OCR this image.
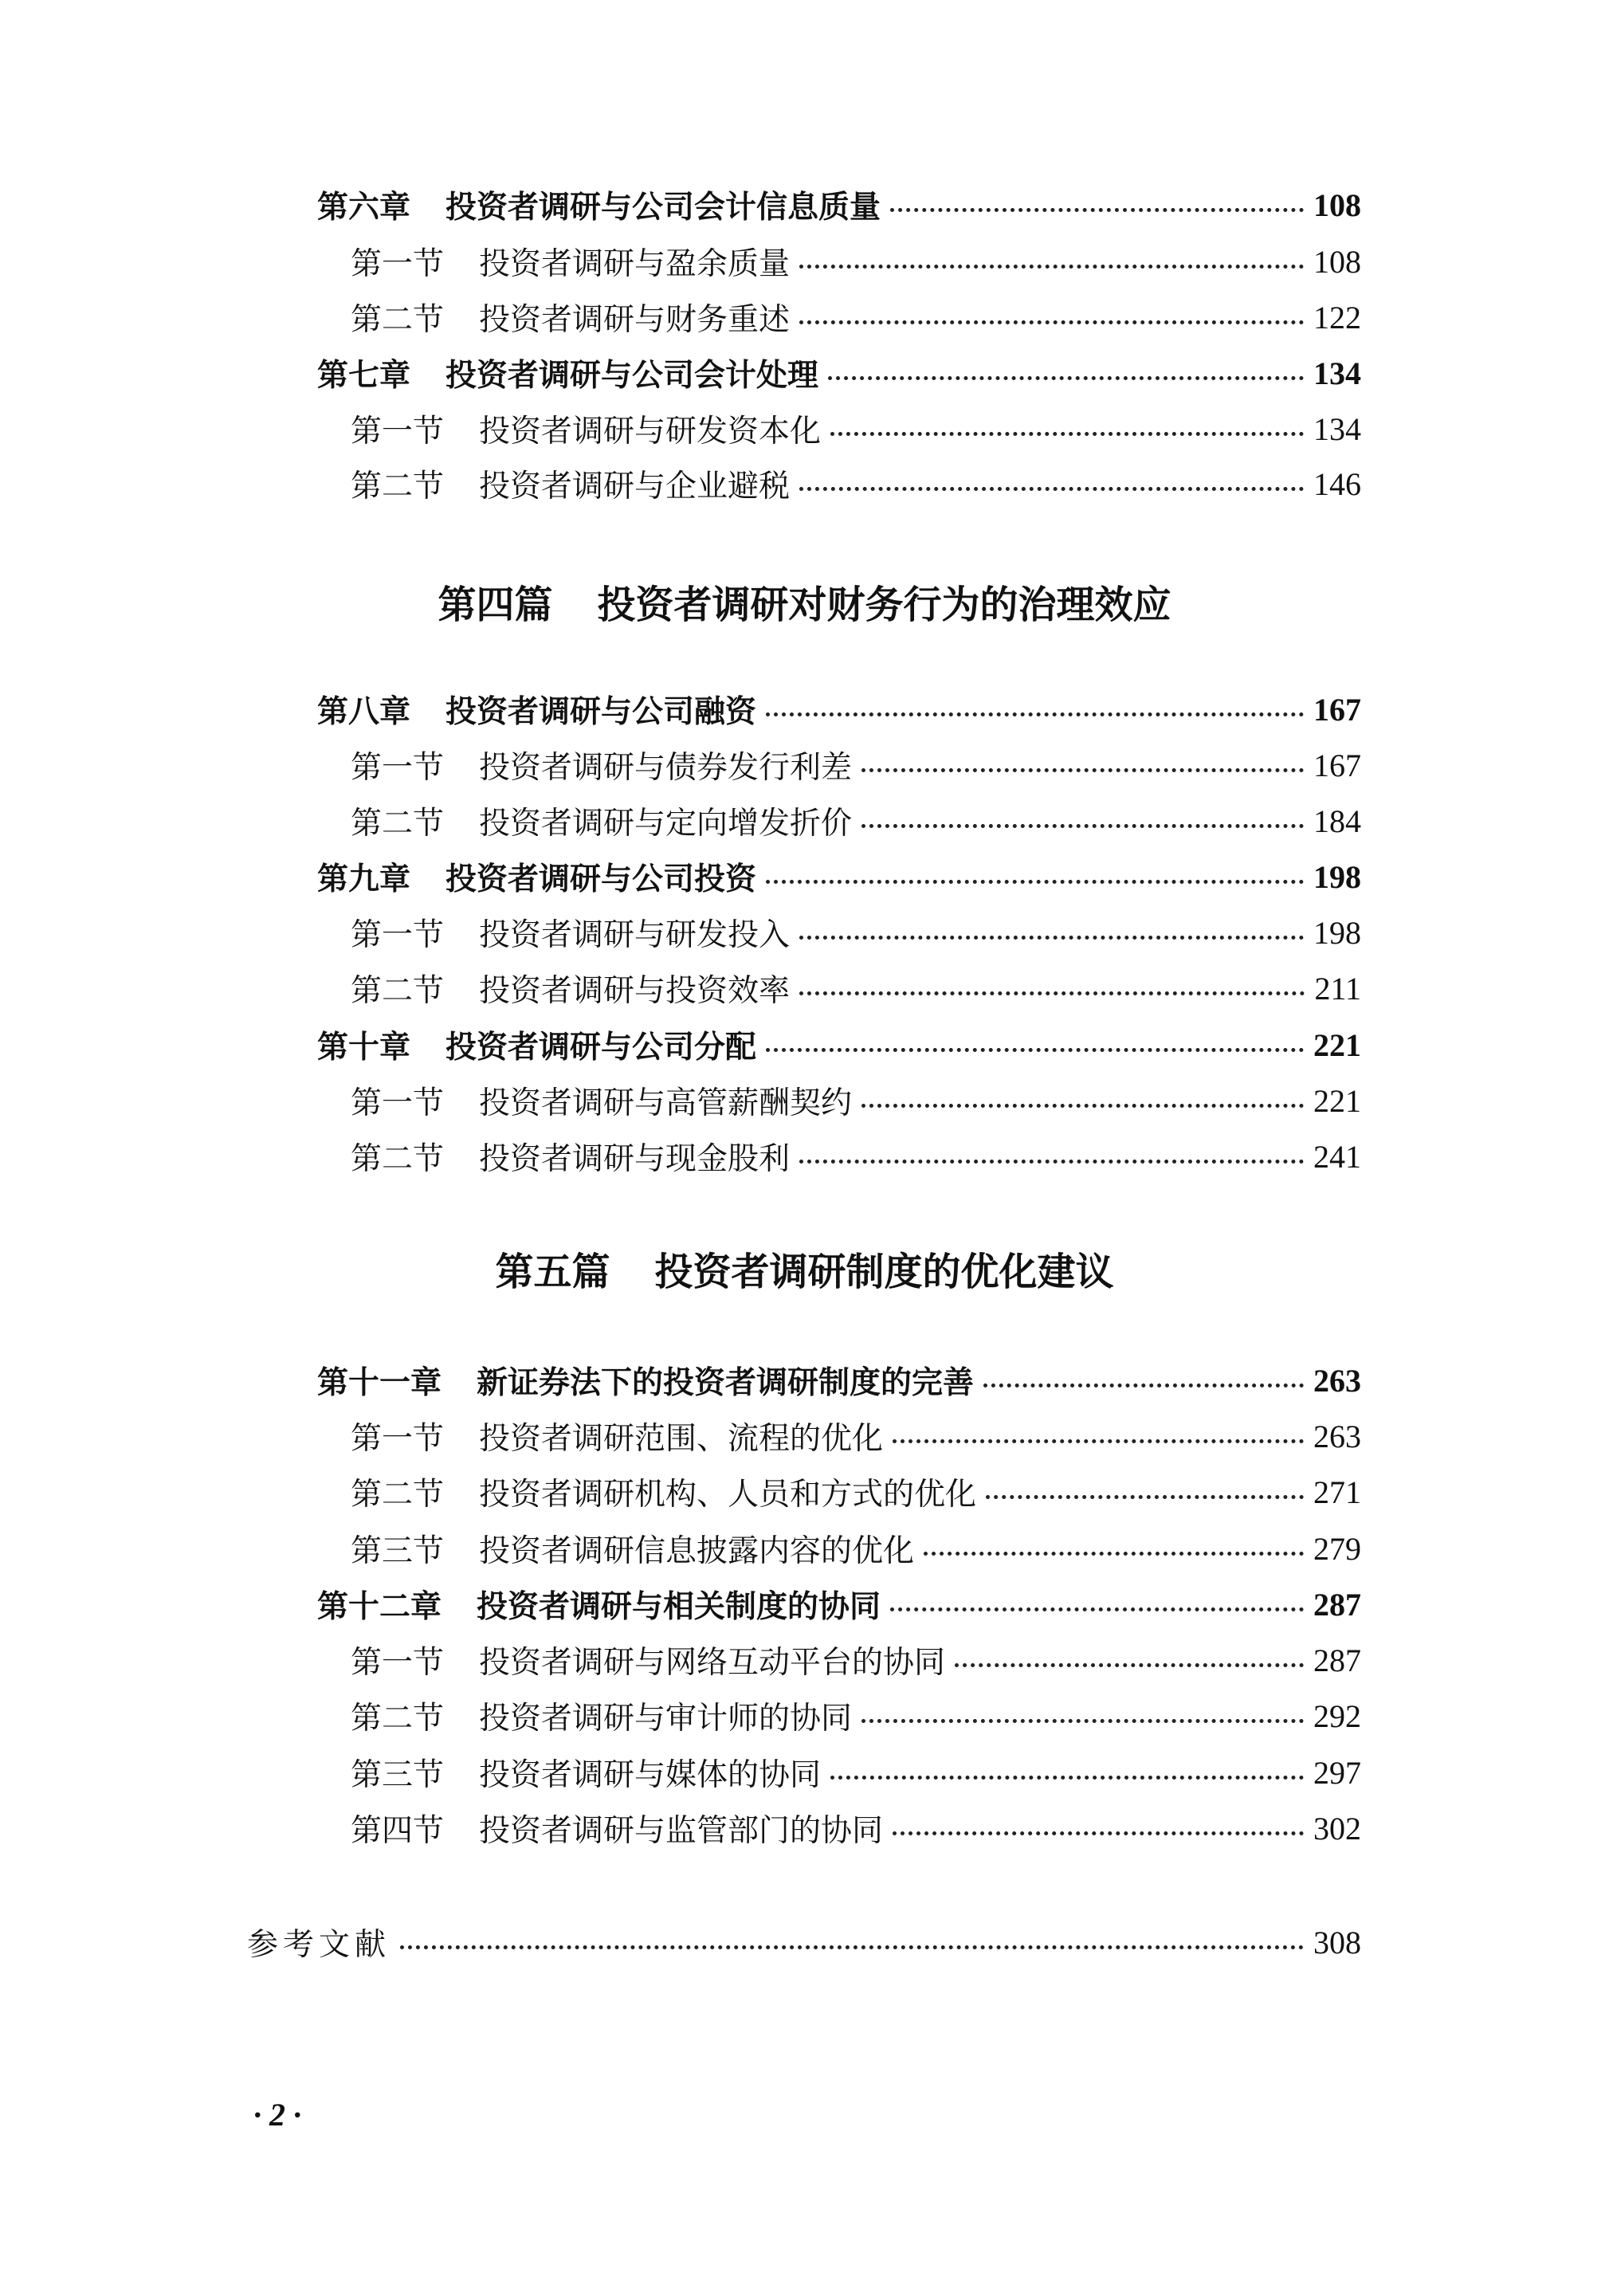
第六章 投资者调研与公司会计信息质量	108
第一节 投资者调研与盈余质量	108
第二节 投资者调研与财务重述	122
第七章 投资者调研与公司会计处理	134
第一节 投资者调研与研发资本化	134
第二节 投资者调研与企业避税	146
第四篇 投资者调研对财务行为的治理效应
第八章 投资者调研与公司融资	167
第一节 投资者调研与债券发行利差	167
第二节 投资者调研与定向增发折价	184
第九章 投资者调研与公司投资	198
第一节 投资者调研与研发投入	198
第二节 投资者调研与投资效率	211
第十章 投资者调研与公司分配	221
第一节 投资者调研与高管薪酬契约	221
第二节 投资者调研与现金股利	241
第五篇 投资者调研制度的优化建议
第十一章 新证券法下的投资者调研制度的完善	263
第一节 投资者调研范围、流程的优化	263
第二节 投资者调研机构、人员和方式的优化	271
第三节 投资者调研信息披露内容的优化	279
第十二章 投资者调研与相关制度的协同	287
第一节 投资者调研与网络互动平台的协同	287
第二节 投资者调研与审计师的协同	292
第三节 投资者调研与媒体的协同	297
第四节 投资者调研与监管部门的协同	302
参考文献	308
· 2 ·
